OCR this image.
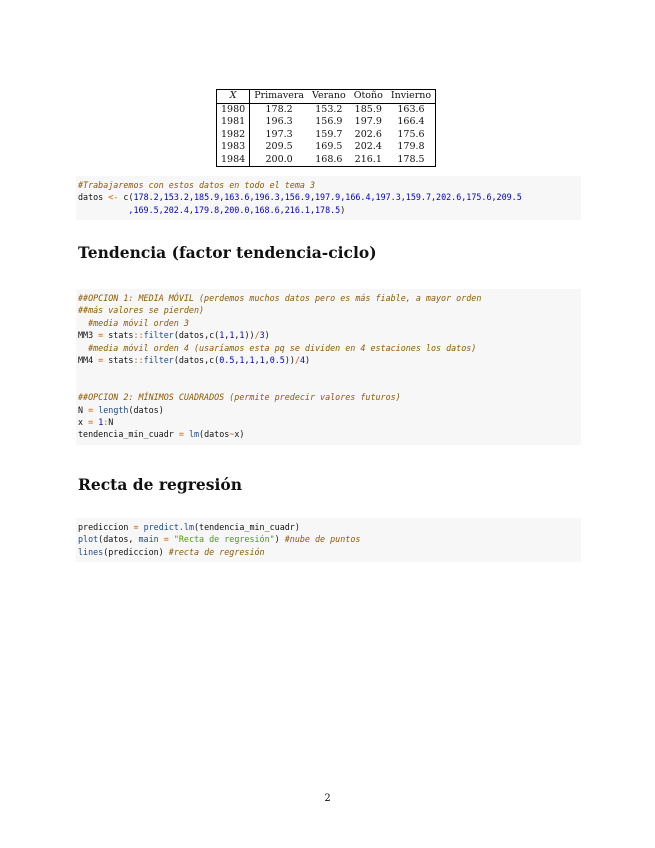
X	Primavera	Verano	Otoño	Invierno
1980	178.2	153.2	185.9	163.6
1981	196.3	156.9	197.9	166.4
1982	197.3	159.7	202.6	175.6
1983	209.5	169.5	202.4	179.8
1984	200.0	168.6	216.1	178.5
#Trabajaremos con estos datos en todo el tema 3
datos <- c(178.2,153.2,185.9,163.6,196.3,156.9,197.9,166.4,197.3,159.7,202.6,175.6,209.5
,169.5,202.4,179.8,200.0,168.6,216.1,178.5)
Tendencia (factor tendencia-ciclo)
##OPCION 1: MEDIA MÓVIL (perdemos muchos datos pero es más fiable, a mayor orden
##más valores se pierden)
#media móvil orden 3
MM3 = stats::filter(datos,c(1,1,1))/3)
#media móvil orden 4 (usaríamos esta pq se dividen en 4 estaciones los datos)
MM4 = stats::filter(datos,c(0.5,1,1,1,0.5))/4)
##OPCION 2: MÍNIMOS CUADRADOS (permite predecir valores futuros)
N = length(datos)
x = 1:N
tendencia_min_cuadr = lm(datos~x)
Recta de regresión
prediccion = predict.lm(tendencia_min_cuadr)
plot(datos, main = "Recta de regresión") #nube de puntos
lines(prediccion) #recta de regresión
2
